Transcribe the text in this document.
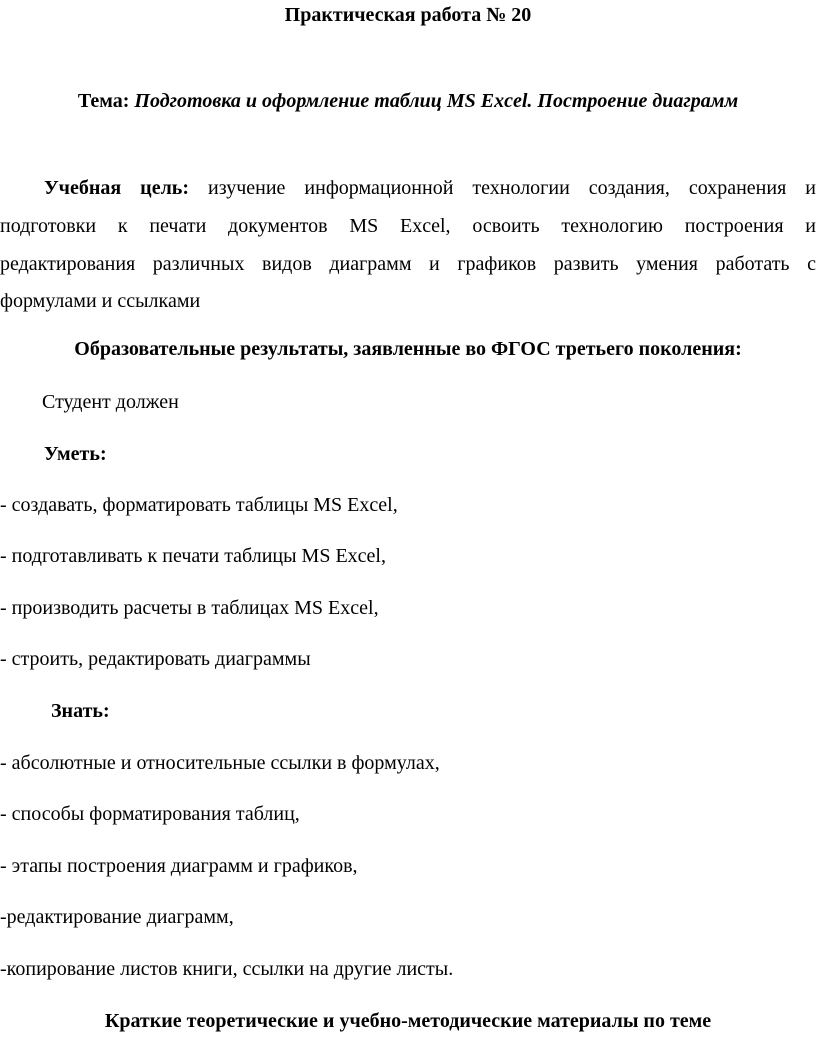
Практическая работа № 20
Тема: Подготовка и оформление таблиц MS Excel. Построение диаграмм
Учебная цель: изучение информационной технологии создания, сохранения и
подготовки к печати документов MS Excel, освоить технологию построения и
редактирования различных видов диаграмм и графиков развить умения работать с
формулами и ссылками
Образовательные результаты, заявленные во ФГОС третьего поколения:
Студент должен
Уметь:
- создавать, форматировать таблицы MS Excel,
- подготавливать к печати таблицы MS Excel,
- производить расчеты в таблицах MS Excel,
- строить, редактировать диаграммы
Знать:
- абсолютные и относительные ссылки в формулах,
- способы форматирования таблиц,
- этапы построения диаграмм и графиков,
-редактирование диаграмм,
-копирование листов книги, ссылки на другие листы.
Краткие теоретические и учебно-методические материалы по теме
